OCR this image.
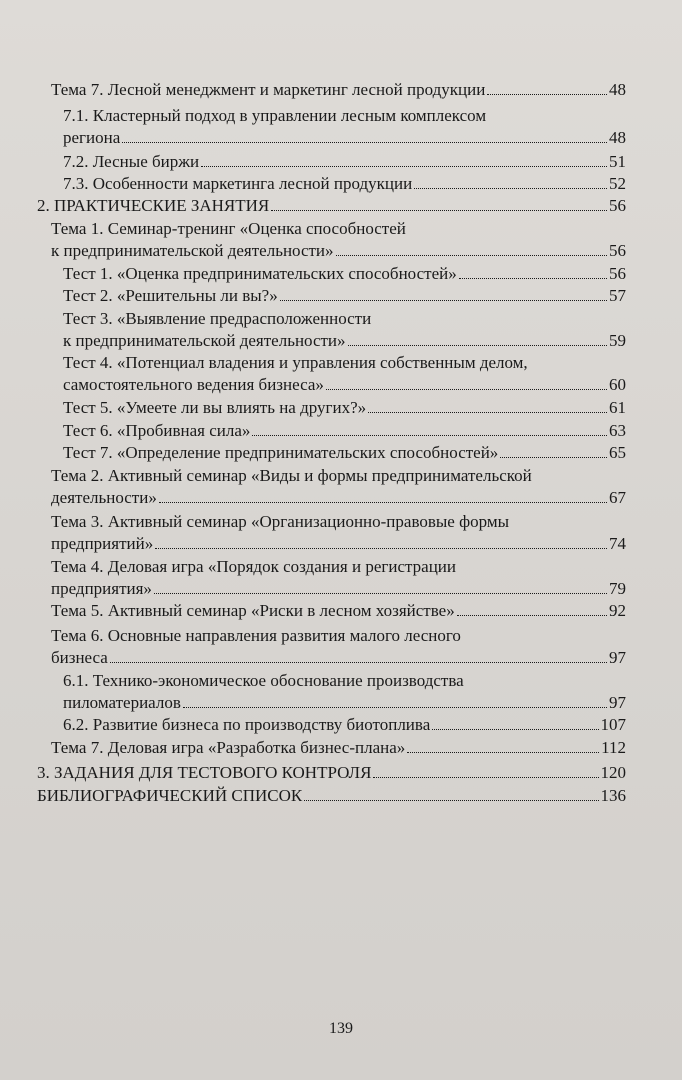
Тема 7. Лесной менеджмент и маркетинг лесной продукции	48
7.1. Кластерный подход в управлении лесным комплексом
региона	48
7.2. Лесные биржи	51
7.3. Особенности маркетинга лесной продукции	52
2. ПРАКТИЧЕСКИЕ ЗАНЯТИЯ	56
Тема 1. Семинар-тренинг «Оценка способностей
к предпринимательской деятельности»	56
Тест 1. «Оценка предпринимательских способностей»	56
Тест 2. «Решительны ли вы?»	57
Тест 3. «Выявление предрасположенности
к предпринимательской деятельности»	59
Тест 4. «Потенциал владения и управления собственным делом,
самостоятельного ведения бизнеса»	60
Тест 5. «Умеете ли вы влиять на других?»	61
Тест 6. «Пробивная сила»	63
Тест 7. «Определение предпринимательских способностей»	65
Тема 2. Активный семинар «Виды и формы предпринимательской
деятельности»	67
Тема 3. Активный семинар «Организационно-правовые формы
предприятий»	74
Тема 4. Деловая игра «Порядок создания и регистрации
предприятия»	79
Тема 5. Активный семинар «Риски в лесном хозяйстве»	92
Тема 6. Основные направления развития малого лесного
бизнеса	97
6.1. Технико-экономическое обоснование производства
пиломатериалов	97
6.2. Развитие бизнеса по производству биотоплива	107
Тема 7. Деловая игра «Разработка бизнес-плана»	112
3. ЗАДАНИЯ ДЛЯ ТЕСТОВОГО КОНТРОЛЯ	120
БИБЛИОГРАФИЧЕСКИЙ СПИСОК	136
139
